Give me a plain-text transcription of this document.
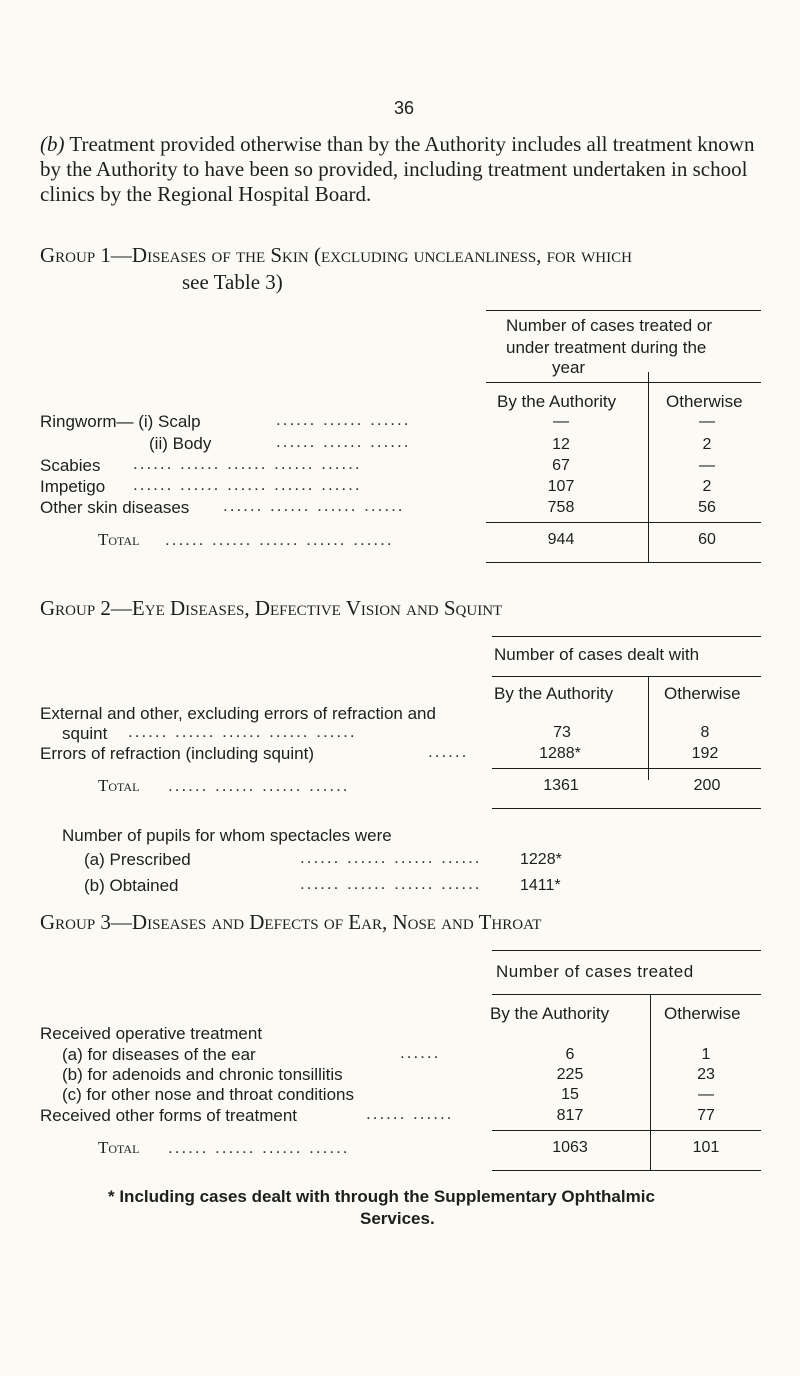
36

(b) Treatment provided otherwise than by the Authority includes all treatment known by the Authority to have been so provided, including treatment undertaken in school clinics by the Regional Hospital Board.

Group 1—Diseases of the Skin (excluding uncleanliness, for which
see Table 3)
Number of cases treated or
under treatment during the
year
By the Authority	Otherwise
Ringworm— (i) Scalp	...... ...... ......	—	—
(ii) Body	...... ...... ......	12	2
Scabies ...... ...... ...... ...... ......	67	—
Impetigo ...... ...... ...... ...... ......	107	2
Other skin diseases ...... ...... ...... ......	758	56
Total ...... ...... ...... ...... ......	944	60
Group 2—Eye Diseases, Defective Vision and Squint
Number of cases dealt with
By the Authority	Otherwise
External and other, excluding errors of refraction and
squint ...... ...... ...... ...... ......	73	8
Errors of refraction (including squint)	......	1288*	192
Total ...... ...... ...... ......	1361	200
Number of pupils for whom spectacles were
(a) Prescribed	...... ...... ...... ...... 1228*
(b) Obtained	...... ...... ...... ...... 1411*
Group 3—Diseases and Defects of Ear, Nose and Throat
Number of cases treated
By the Authority	Otherwise
Received operative treatment
(a) for diseases of the ear	......	6	1
(b) for adenoids and chronic tonsillitis	225	23
(c) for other nose and throat conditions	15	—
Received other forms of treatment	...... ......	817	77
Total ...... ...... ...... ......	1063	101
* Including cases dealt with through the Supplementary Ophthalmic
Services.
